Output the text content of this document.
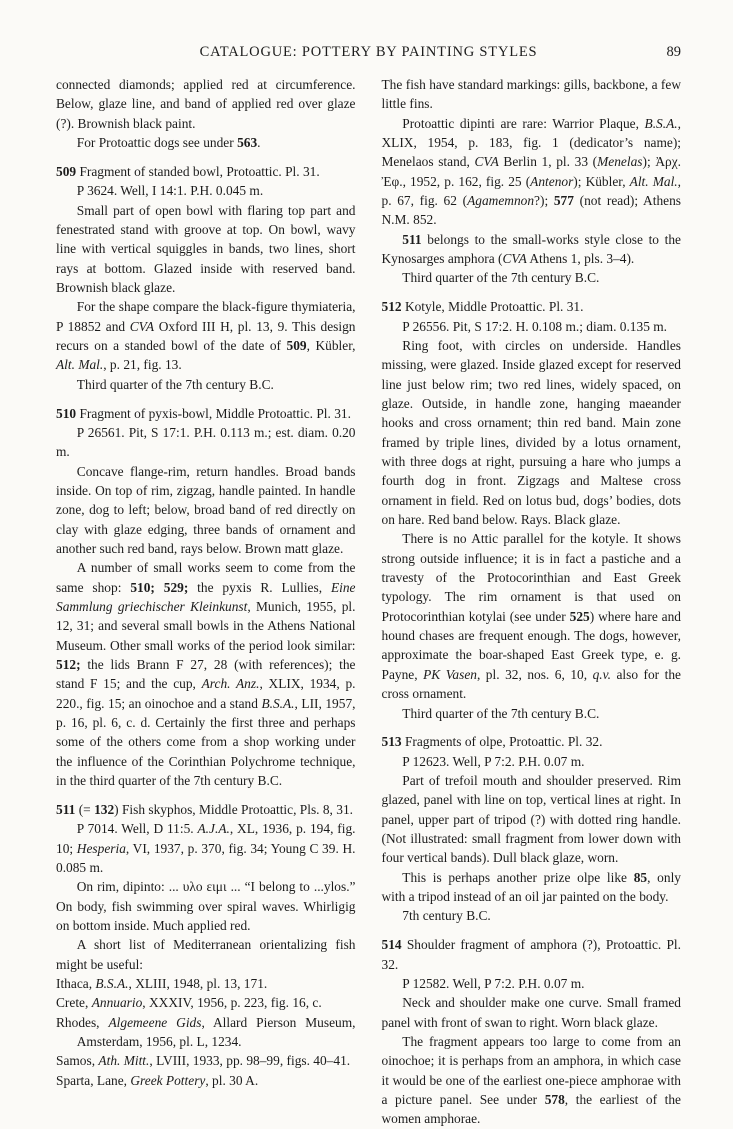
CATALOGUE: POTTERY BY PAINTING STYLES	89

connected diamonds; applied red at circumference. Below, glaze line, and band of applied red over glaze (?). Brownish black paint.

For Protoattic dogs see under 563.

509 Fragment of standed bowl, Protoattic. Pl. 31.

P 3624. Well, I 14:1. P.H. 0.045 m.

Small part of open bowl with flaring top part and fenestrated stand with groove at top. On bowl, wavy line with vertical squiggles in bands, two lines, short rays at bottom. Glazed inside with reserved band. Brownish black glaze.

For the shape compare the black-figure thymiateria, P 18852 and CVA Oxford III H, pl. 13, 9. This design recurs on a standed bowl of the date of 509, Kübler, Alt. Mal., p. 21, fig. 13.

Third quarter of the 7th century B.C.

510 Fragment of pyxis-bowl, Middle Protoattic. Pl. 31.

P 26561. Pit, S 17:1. P.H. 0.113 m.; est. diam. 0.20 m.

Concave flange-rim, return handles. Broad bands inside. On top of rim, zigzag, handle painted. In handle zone, dog to left; below, broad band of red directly on clay with glaze edging, three bands of ornament and another such red band, rays below. Brown matt glaze.

A number of small works seem to come from the same shop: 510; 529; the pyxis R. Lullies, Eine Sammlung griechischer Kleinkunst, Munich, 1955, pl. 12, 31; and several small bowls in the Athens National Museum. Other small works of the period look similar: 512; the lids Brann F 27, 28 (with references); the stand F 15; and the cup, Arch. Anz., XLIX, 1934, p. 220., fig. 15; an oinochoe and a stand B.S.A., LII, 1957, p. 16, pl. 6, c. d. Certainly the first three and perhaps some of the others come from a shop working under the influence of the Corinthian Polychrome technique, in the third quarter of the 7th century B.C.

511 (= 132) Fish skyphos, Middle Protoattic, Pls. 8, 31.

P 7014. Well, D 11:5. A.J.A., XL, 1936, p. 194, fig. 10; Hesperia, VI, 1937, p. 370, fig. 34; Young C 39. H. 0.085 m.

On rim, dipinto: ... υλο ειμι ... “I belong to ...ylos.” On body, fish swimming over spiral waves. Whirligig on bottom inside. Much applied red.

A short list of Mediterranean orientalizing fish might be useful:

Ithaca, B.S.A., XLIII, 1948, pl. 13, 171.

Crete, Annuario, XXXIV, 1956, p. 223, fig. 16, c.

Rhodes, Algemeene Gids, Allard Pierson Museum, Amsterdam, 1956, pl. L, 1234.

Samos, Ath. Mitt., LVIII, 1933, pp. 98–99, figs. 40–41.

Sparta, Lane, Greek Pottery, pl. 30 A.

The fish have standard markings: gills, backbone, a few little fins.

Protoattic dipinti are rare: Warrior Plaque, B.S.A., XLIX, 1954, p. 183, fig. 1 (dedicator’s name); Menelaos stand, CVA Berlin 1, pl. 33 (Menelas); Ἀρχ. Ἐφ., 1952, p. 162, fig. 25 (Antenor); Kübler, Alt. Mal., p. 67, fig. 62 (Agamemnon?); 577 (not read); Athens N.M. 852.

511 belongs to the small-works style close to the Kynosarges amphora (CVA Athens 1, pls. 3–4).

Third quarter of the 7th century B.C.

512 Kotyle, Middle Protoattic. Pl. 31.

P 26556. Pit, S 17:2. H. 0.108 m.; diam. 0.135 m.

Ring foot, with circles on underside. Handles missing, were glazed. Inside glazed except for reserved line just below rim; two red lines, widely spaced, on glaze. Outside, in handle zone, hanging maeander hooks and cross ornament; thin red band. Main zone framed by triple lines, divided by a lotus ornament, with three dogs at right, pursuing a hare who jumps a fourth dog in front. Zigzags and Maltese cross ornament in field. Red on lotus bud, dogs’ bodies, dots on hare. Red band below. Rays. Black glaze.

There is no Attic parallel for the kotyle. It shows strong outside influence; it is in fact a pastiche and a travesty of the Protocorinthian and East Greek typology. The rim ornament is that used on Protocorinthian kotylai (see under 525) where hare and hound chases are frequent enough. The dogs, however, approximate the boar-shaped East Greek type, e. g. Payne, PK Vasen, pl. 32, nos. 6, 10, q.v. also for the cross ornament.

Third quarter of the 7th century B.C.

513 Fragments of olpe, Protoattic. Pl. 32.

P 12623. Well, P 7:2. P.H. 0.07 m.

Part of trefoil mouth and shoulder preserved. Rim glazed, panel with line on top, vertical lines at right. In panel, upper part of tripod (?) with dotted ring handle. (Not illustrated: small fragment from lower down with four vertical bands). Dull black glaze, worn.

This is perhaps another prize olpe like 85, only with a tripod instead of an oil jar painted on the body.

7th century B.C.

514 Shoulder fragment of amphora (?), Protoattic. Pl. 32.

P 12582. Well, P 7:2. P.H. 0.07 m.

Neck and shoulder make one curve. Small framed panel with front of swan to right. Worn black glaze.

The fragment appears too large to come from an oinochoe; it is perhaps from an amphora, in which case it would be one of the earliest one-piece amphorae with a picture panel. See under 578, the earliest of the women amphorae.
